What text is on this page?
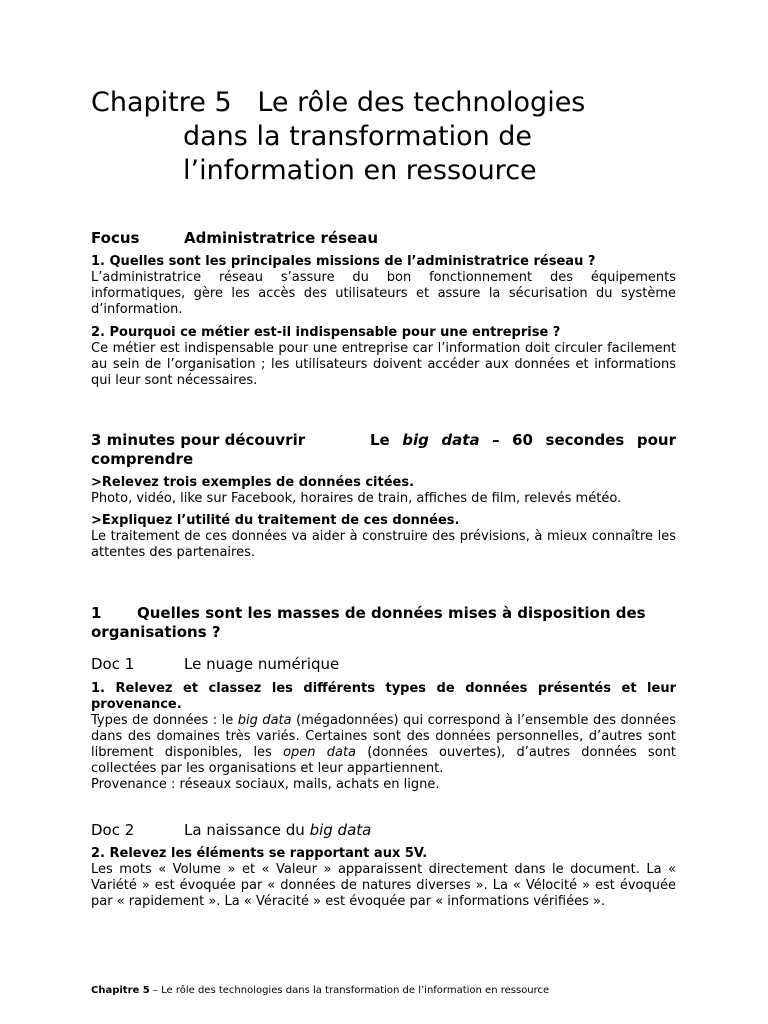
Chapitre 5   Le rôle des technologies
dans la transformation de
l’information en ressource
Focus	Administratrice réseau

1. Quelles sont les principales missions de l’administratrice réseau ?

L’administratrice réseau s’assure du bon fonctionnement des équipements informatiques, gère les accès des utilisateurs et assure la sécurisation du système d’information.

2. Pourquoi ce métier est-il indispensable pour une entreprise ?

Ce métier est indispensable pour une entreprise car l’information doit circuler facilement au sein de l’organisation ; les utilisateurs doivent accéder aux données et informations qui leur sont nécessaires.

3 minutes pour découvrir	Le big data – 60 secondes pour comprendre

>Relevez trois exemples de données citées.

Photo, vidéo, like sur Facebook, horaires de train, affiches de film, relevés météo.

>Expliquez l’utilité du traitement de ces données.

Le traitement de ces données va aider à construire des prévisions, à mieux connaître les attentes des partenaires.

1 Quelles sont les masses de données mises à disposition des organisations ?

Doc 1	Le nuage numérique

1. Relevez et classez les différents types de données présentés et leur provenance.

Types de données : le big data (mégadonnées) qui correspond à l’ensemble des données dans des domaines très variés. Certaines sont des données personnelles, d’autres sont librement disponibles, les open data (données ouvertes), d’autres données sont collectées par les organisations et leur appartiennent.

Provenance : réseaux sociaux, mails, achats en ligne.

Doc 2	La naissance du big data

2. Relevez les éléments se rapportant aux 5V.

Les mots « Volume » et « Valeur » apparaissent directement dans le document. La « Variété » est évoquée par « données de natures diverses ». La « Vélocité » est évoquée par « rapidement ». La « Véracité » est évoquée par « informations vérifiées ».

Chapitre 5 – Le rôle des technologies dans la transformation de l’information en ressource
